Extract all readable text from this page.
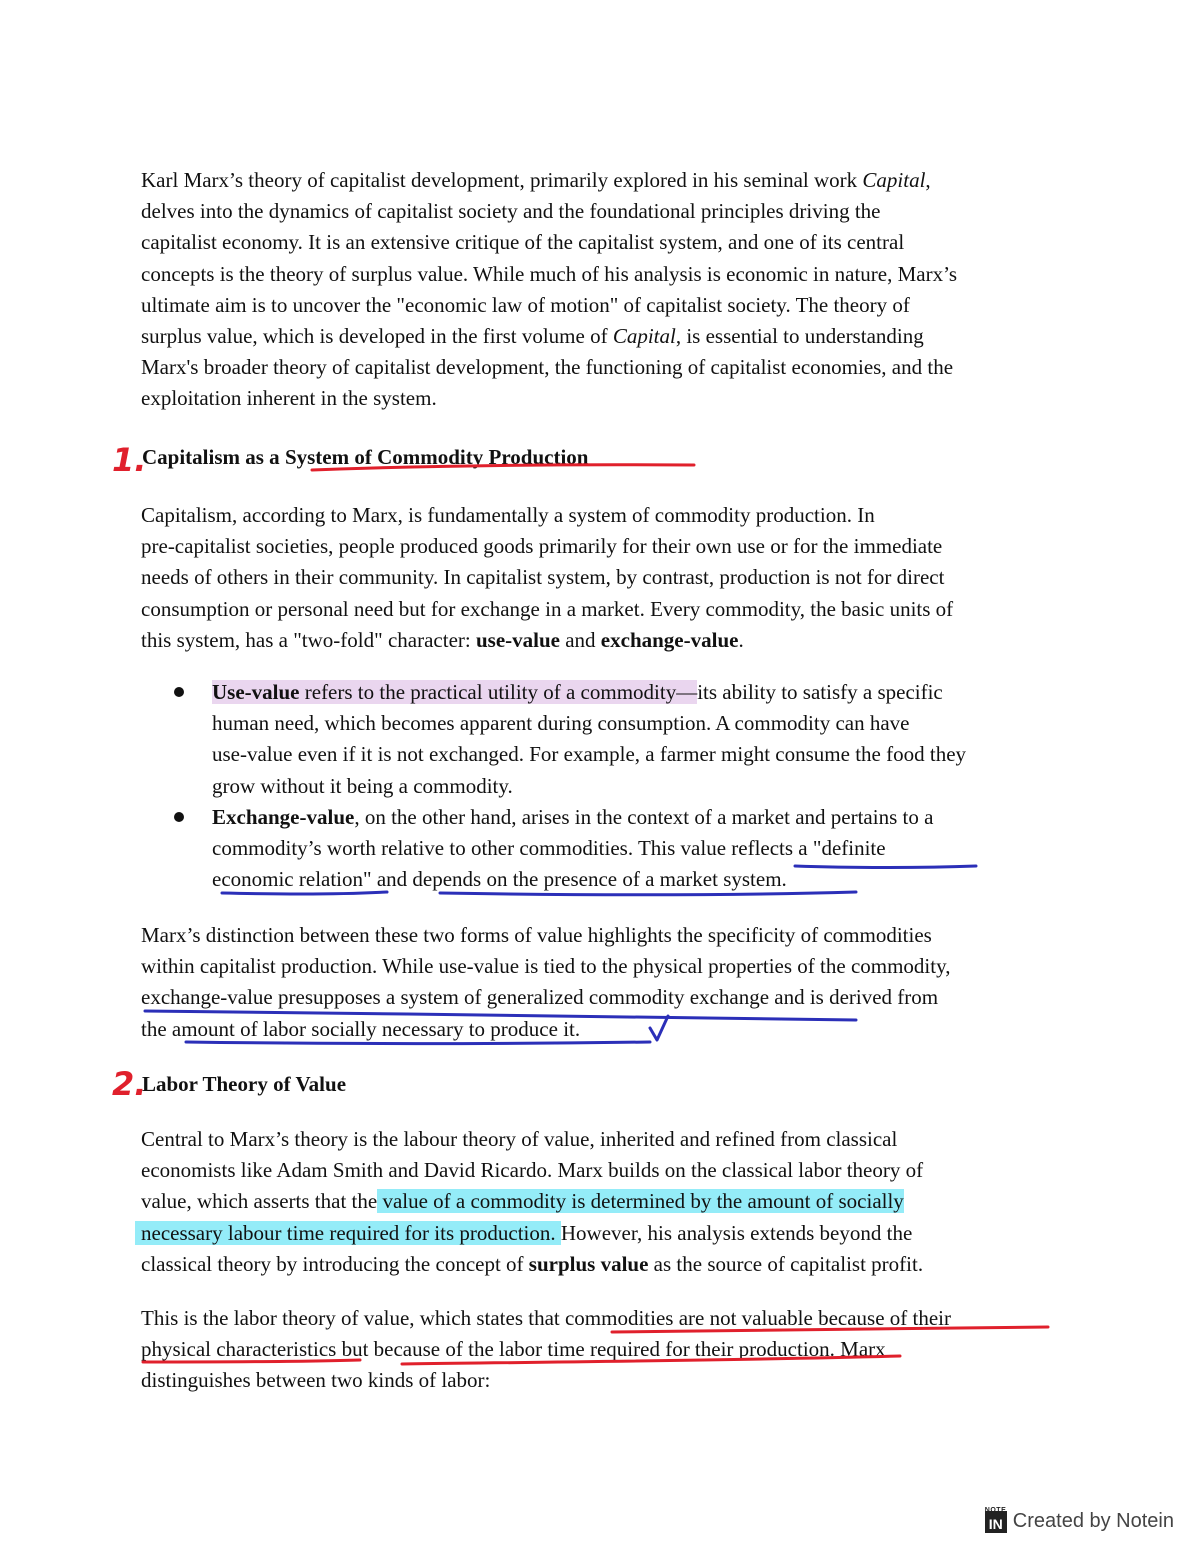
Karl Marx’s theory of capitalist development, primarily explored in his seminal work Capital,
delves into the dynamics of capitalist society and the foundational principles driving the
capitalist economy. It is an extensive critique of the capitalist system, and one of its central
concepts is the theory of surplus value. While much of his analysis is economic in nature, Marx’s
ultimate aim is to uncover the "economic law of motion" of capitalist society. The theory of
surplus value, which is developed in the first volume of Capital, is essential to understanding
Marx's broader theory of capitalist development, the functioning of capitalist economies, and the
exploitation inherent in the system.

1.
Capitalism as a System of Commodity Production

Capitalism, according to Marx, is fundamentally a system of commodity production. In
pre-capitalist societies, people produced goods primarily for their own use or for the immediate
needs of others in their community. In capitalist system, by contrast, production is not for direct
consumption or personal need but for exchange in a market. Every commodity, the basic units of
this system, has a "two-fold" character: use-value and exchange-value.

Use-value refers to the practical utility of a commodity—its ability to satisfy a specific
human need, which becomes apparent during consumption. A commodity can have
use-value even if it is not exchanged. For example, a farmer might consume the food they
grow without it being a commodity.
Exchange-value, on the other hand, arises in the context of a market and pertains to a
commodity’s worth relative to other commodities. This value reflects a "definite
economic relation" and depends on the presence of a market system.

Marx’s distinction between these two forms of value highlights the specificity of commodities
within capitalist production. While use-value is tied to the physical properties of the commodity,
exchange-value presupposes a system of generalized commodity exchange and is derived from
the amount of labor socially necessary to produce it.

2.
Labor Theory of Value

Central to Marx’s theory is the labour theory of value, inherited and refined from classical
economists like Adam Smith and David Ricardo. Marx builds on the classical labor theory of
value, which asserts that the value of a commodity is determined by the amount of socially
necessary labour time required for its production. However, his analysis extends beyond the
classical theory by introducing the concept of surplus value as the source of capitalist profit.

This is the labor theory of value, which states that commodities are not valuable because of their
physical characteristics but because of the labor time required for their production. Marx
distinguishes between two kinds of labor:

NOTE
IN Created by Notein
